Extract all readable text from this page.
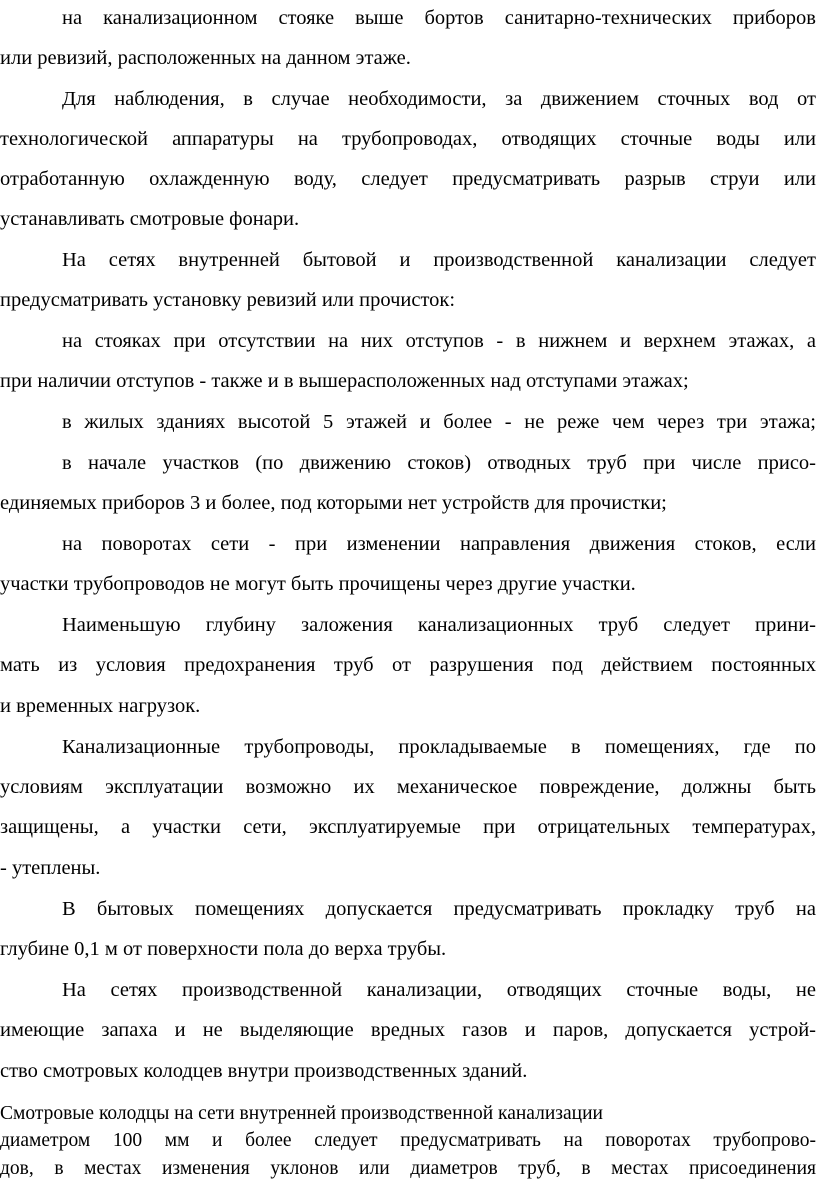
на канализационном стояке выше бортов санитарно-технических приборов
или ревизий, расположенных на данном этаже.
Для наблюдения, в случае необходимости, за движением сточных вод от
технологической аппаратуры на трубопроводах, отводящих сточные воды или
отработанную охлажденную воду, следует предусматривать разрыв струи или
устанавливать смотровые фонари.
На сетях внутренней бытовой и производственной канализации следует
предусматривать установку ревизий или прочисток:
на стояках при отсутствии на них отступов - в нижнем и верхнем этажах, а
при наличии отступов - также и в вышерасположенных над отступами этажах;
в жилых зданиях высотой 5 этажей и более - не реже чем через три этажа;
в начале участков (по движению стоков) отводных труб при числе присо-
единяемых приборов 3 и более, под которыми нет устройств для прочистки;
на поворотах сети - при изменении направления движения стоков, если
участки трубопроводов не могут быть прочищены через другие участки.
Наименьшую глубину заложения канализационных труб следует прини-
мать из условия предохранения труб от разрушения под действием постоянных
и временных нагрузок.
Канализационные трубопроводы, прокладываемые в помещениях, где по
условиям эксплуатации возможно их механическое повреждение, должны быть
защищены, а участки сети, эксплуатируемые при отрицательных температурах,
- утеплены.
В бытовых помещениях допускается предусматривать прокладку труб на
глубине 0,1 м от поверхности пола до верха трубы.
На сетях производственной канализации, отводящих сточные воды, не
имеющие запаха и не выделяющие вредных газов и паров, допускается устрой-
ство смотровых колодцев внутри производственных зданий.
Смотровые колодцы на сети внутренней производственной канализации
диаметром 100 мм и более следует предусматривать на поворотах трубопрово-
дов, в местах изменения уклонов или диаметров труб, в местах присоединения
